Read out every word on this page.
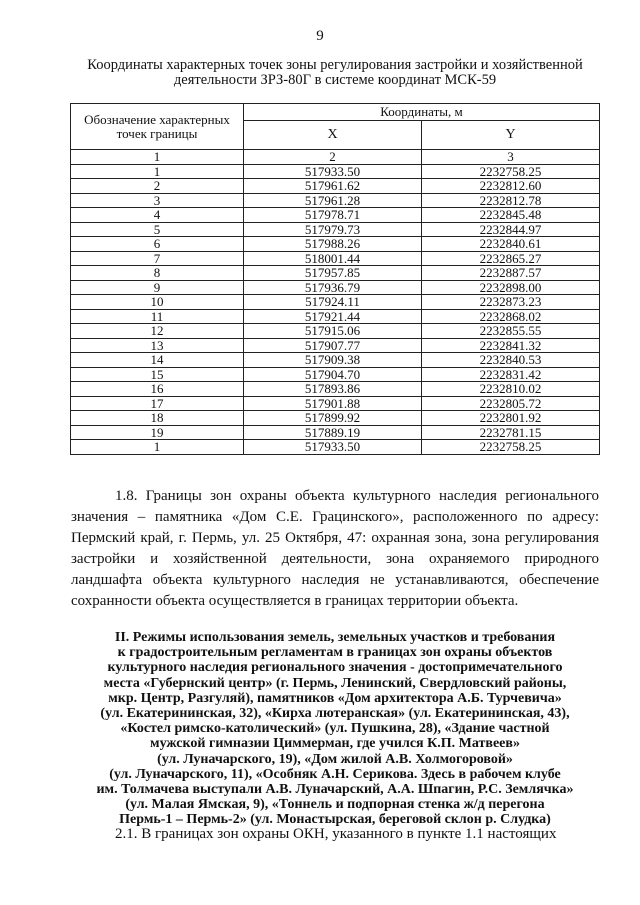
9
Координаты характерных точек зоны регулирования застройки и хозяйственной деятельности ЗРЗ-80Г в системе координат МСК-59
Обозначение характерных точек границы	Координаты, м	
	X	Y
1	2	3
1	517933.50	2232758.25
2	517961.62	2232812.60
3	517961.28	2232812.78
4	517978.71	2232845.48
5	517979.73	2232844.97
6	517988.26	2232840.61
7	518001.44	2232865.27
8	517957.85	2232887.57
9	517936.79	2232898.00
10	517924.11	2232873.23
11	517921.44	2232868.02
12	517915.06	2232855.55
13	517907.77	2232841.32
14	517909.38	2232840.53
15	517904.70	2232831.42
16	517893.86	2232810.02
17	517901.88	2232805.72
18	517899.92	2232801.92
19	517889.19	2232781.15
1	517933.50	2232758.25
1.8. Границы зон охраны объекта культурного наследия регионального значения – памятника «Дом С.Е. Грацинского», расположенного по адресу: Пермский край, г. Пермь, ул. 25 Октября, 47: охранная зона, зона регулирования застройки и хозяйственной деятельности, зона охраняемого природного ландшафта объекта культурного наследия не устанавливаются, обеспечение сохранности объекта осуществляется в границах территории объекта.
II. Режимы использования земель, земельных участков и требования
к градостроительным регламентам в границах зон охраны объектов
культурного наследия регионального значения - достопримечательного
места «Губернский центр» (г. Пермь, Ленинский, Свердловский районы,
мкр. Центр, Разгуляй), памятников «Дом архитектора А.Б. Турчевича»
(ул. Екатерининская, 32), «Кирха лютеранская» (ул. Екатерининская, 43),
«Костел римско-католический» (ул. Пушкина, 28), «Здание частной
мужской гимназии Циммерман, где учился К.П. Матвеев»
(ул. Луначарского, 19), «Дом жилой А.В. Холмогоровой»
(ул. Луначарского, 11), «Особняк А.Н. Серикова. Здесь в рабочем клубе
им. Толмачева выступали А.В. Луначарский, А.А. Шпагин, Р.С. Землячка»
(ул. Малая Ямская, 9), «Тоннель и подпорная стенка ж/д перегона
Пермь-1 – Пермь-2» (ул. Монастырская, береговой склон р. Слудка)
2.1. В границах зон охраны ОКН, указанного в пункте 1.1 настоящих
